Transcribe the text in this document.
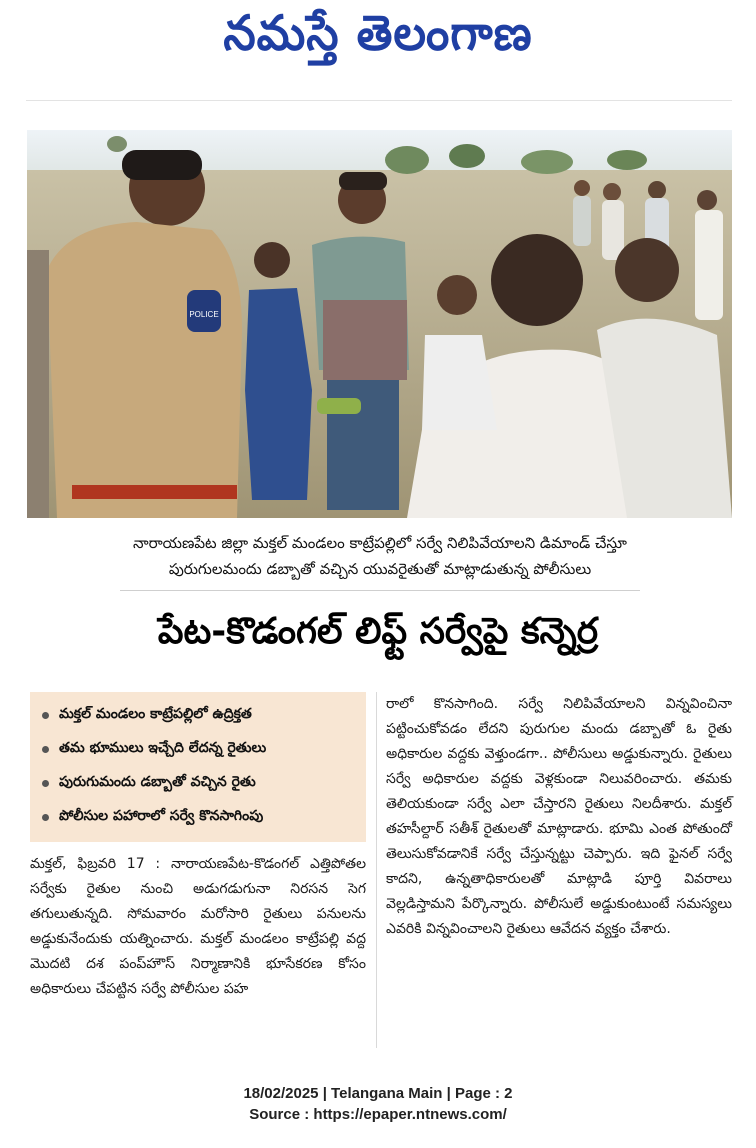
నమస్తే తెలంగాణ
POLICE
నారాయణపేట జిల్లా మక్తల్ మండలం కాట్రేపల్లిలో సర్వే నిలిపివేయాలని డిమాండ్ చేస్తూ
పురుగులమందు డబ్బాతో వచ్చిన యువరైతుతో మాట్లాడుతున్న పోలీసులు
పేట-కొడంగల్ లిఫ్ట్ సర్వేపై కన్నెర్ర
మక్తల్ మండలం కాట్రేపల్లిలో ఉద్రిక్తత
తమ భూములు ఇచ్చేది లేదన్న రైతులు
పురుగుమందు డబ్బాతో వచ్చిన రైతు
పోలీసుల పహారాలో సర్వే కొనసాగింపు

మక్తల్, ఫిబ్రవరి 17 : నారాయణపేట-కొడంగల్ ఎత్తిపోతల సర్వేకు రైతుల నుంచి అడుగడుగునా నిరసన సెగ తగులుతున్నది. సోమవారం మరోసారి రైతులు పనులను అడ్డుకునేందుకు యత్నించారు. మక్తల్ మండలం కాట్రేపల్లి వద్ద మొదటి దశ పంప్‌హౌస్ నిర్మాణానికి భూసేకరణ కోసం అధికారులు చేపట్టిన సర్వే పోలీసుల పహ

రాలో కొనసాగింది. సర్వే నిలిపివేయాలని విన్నవించినా పట్టించుకోవడం లేదని పురుగుల మందు డబ్బాతో ఓ రైతు అధికారుల వద్దకు వెళ్తుండగా.. పోలీసులు అడ్డుకున్నారు. రైతులు సర్వే అధికారుల వద్దకు వెళ్లకుండా నిలువరించారు. తమకు తెలియకుండా సర్వే ఎలా చేస్తారని రైతులు నిలదీశారు. మక్తల్ తహసీల్దార్ సతీశ్ రైతులతో మాట్లాడారు. భూమి ఎంత పోతుందో తెలుసుకోవడానికే సర్వే చేస్తున్నట్టు చెప్పారు. ఇది ఫైనల్ సర్వే కాదని, ఉన్నతాధికారులతో మాట్లాడి పూర్తి వివరాలు వెల్లడిస్తామని పేర్కొన్నారు. పోలీసులే అడ్డుకుంటుంటే సమస్యలు ఎవరికి విన్నవించాలని రైతులు ఆవేదన వ్యక్తం చేశారు.

18/02/2025 | Telangana Main | Page : 2
Source : https://epaper.ntnews.com/
